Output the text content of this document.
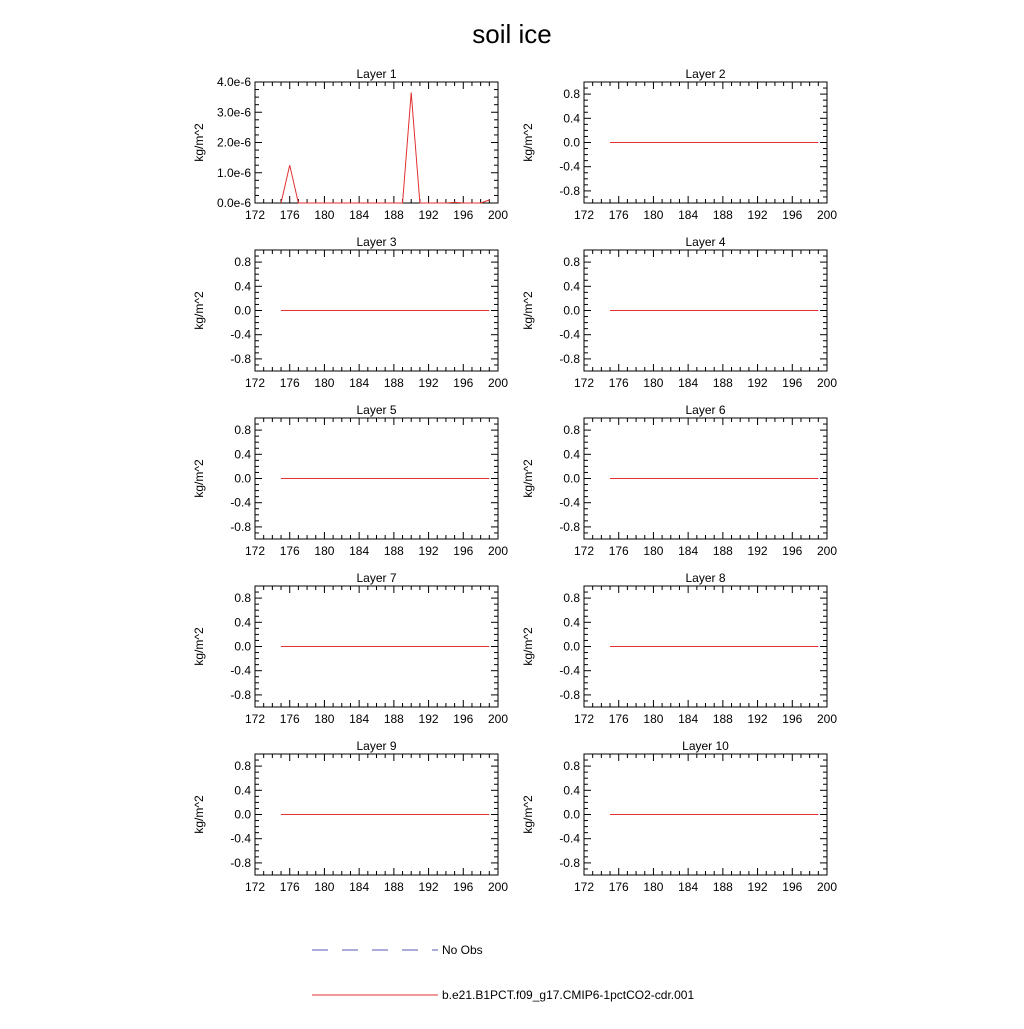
soil ice
Layer 1
172 176 180 184 188 192 196 200
0.0e-6
1.0e-6
2.0e-6
3.0e-6
4.0e-6
kg/m^2
Layer 2
172 176 180 184 188 192 196 200
-0.8
-0.4
0.0
0.4
0.8
kg/m^2
Layer 3
172 176 180 184 188 192 196 200
-0.8
-0.4
0.0
0.4
0.8
kg/m^2
Layer 4
172 176 180 184 188 192 196 200
-0.8
-0.4
0.0
0.4
0.8
kg/m^2
Layer 5
172 176 180 184 188 192 196 200
-0.8
-0.4
0.0
0.4
0.8
kg/m^2
Layer 6
172 176 180 184 188 192 196 200
-0.8
-0.4
0.0
0.4
0.8
kg/m^2
Layer 7
172 176 180 184 188 192 196 200
-0.8
-0.4
0.0
0.4
0.8
kg/m^2
Layer 8
172 176 180 184 188 192 196 200
-0.8
-0.4
0.0
0.4
0.8
kg/m^2
Layer 9
172 176 180 184 188 192 196 200
-0.8
-0.4
0.0
0.4
0.8
kg/m^2
Layer 10
172 176 180 184 188 192 196 200
-0.8
-0.4
0.0
0.4
0.8
kg/m^2
No Obs
b.e21.B1PCT.f09_g17.CMIP6-1pctCO2-cdr.001
